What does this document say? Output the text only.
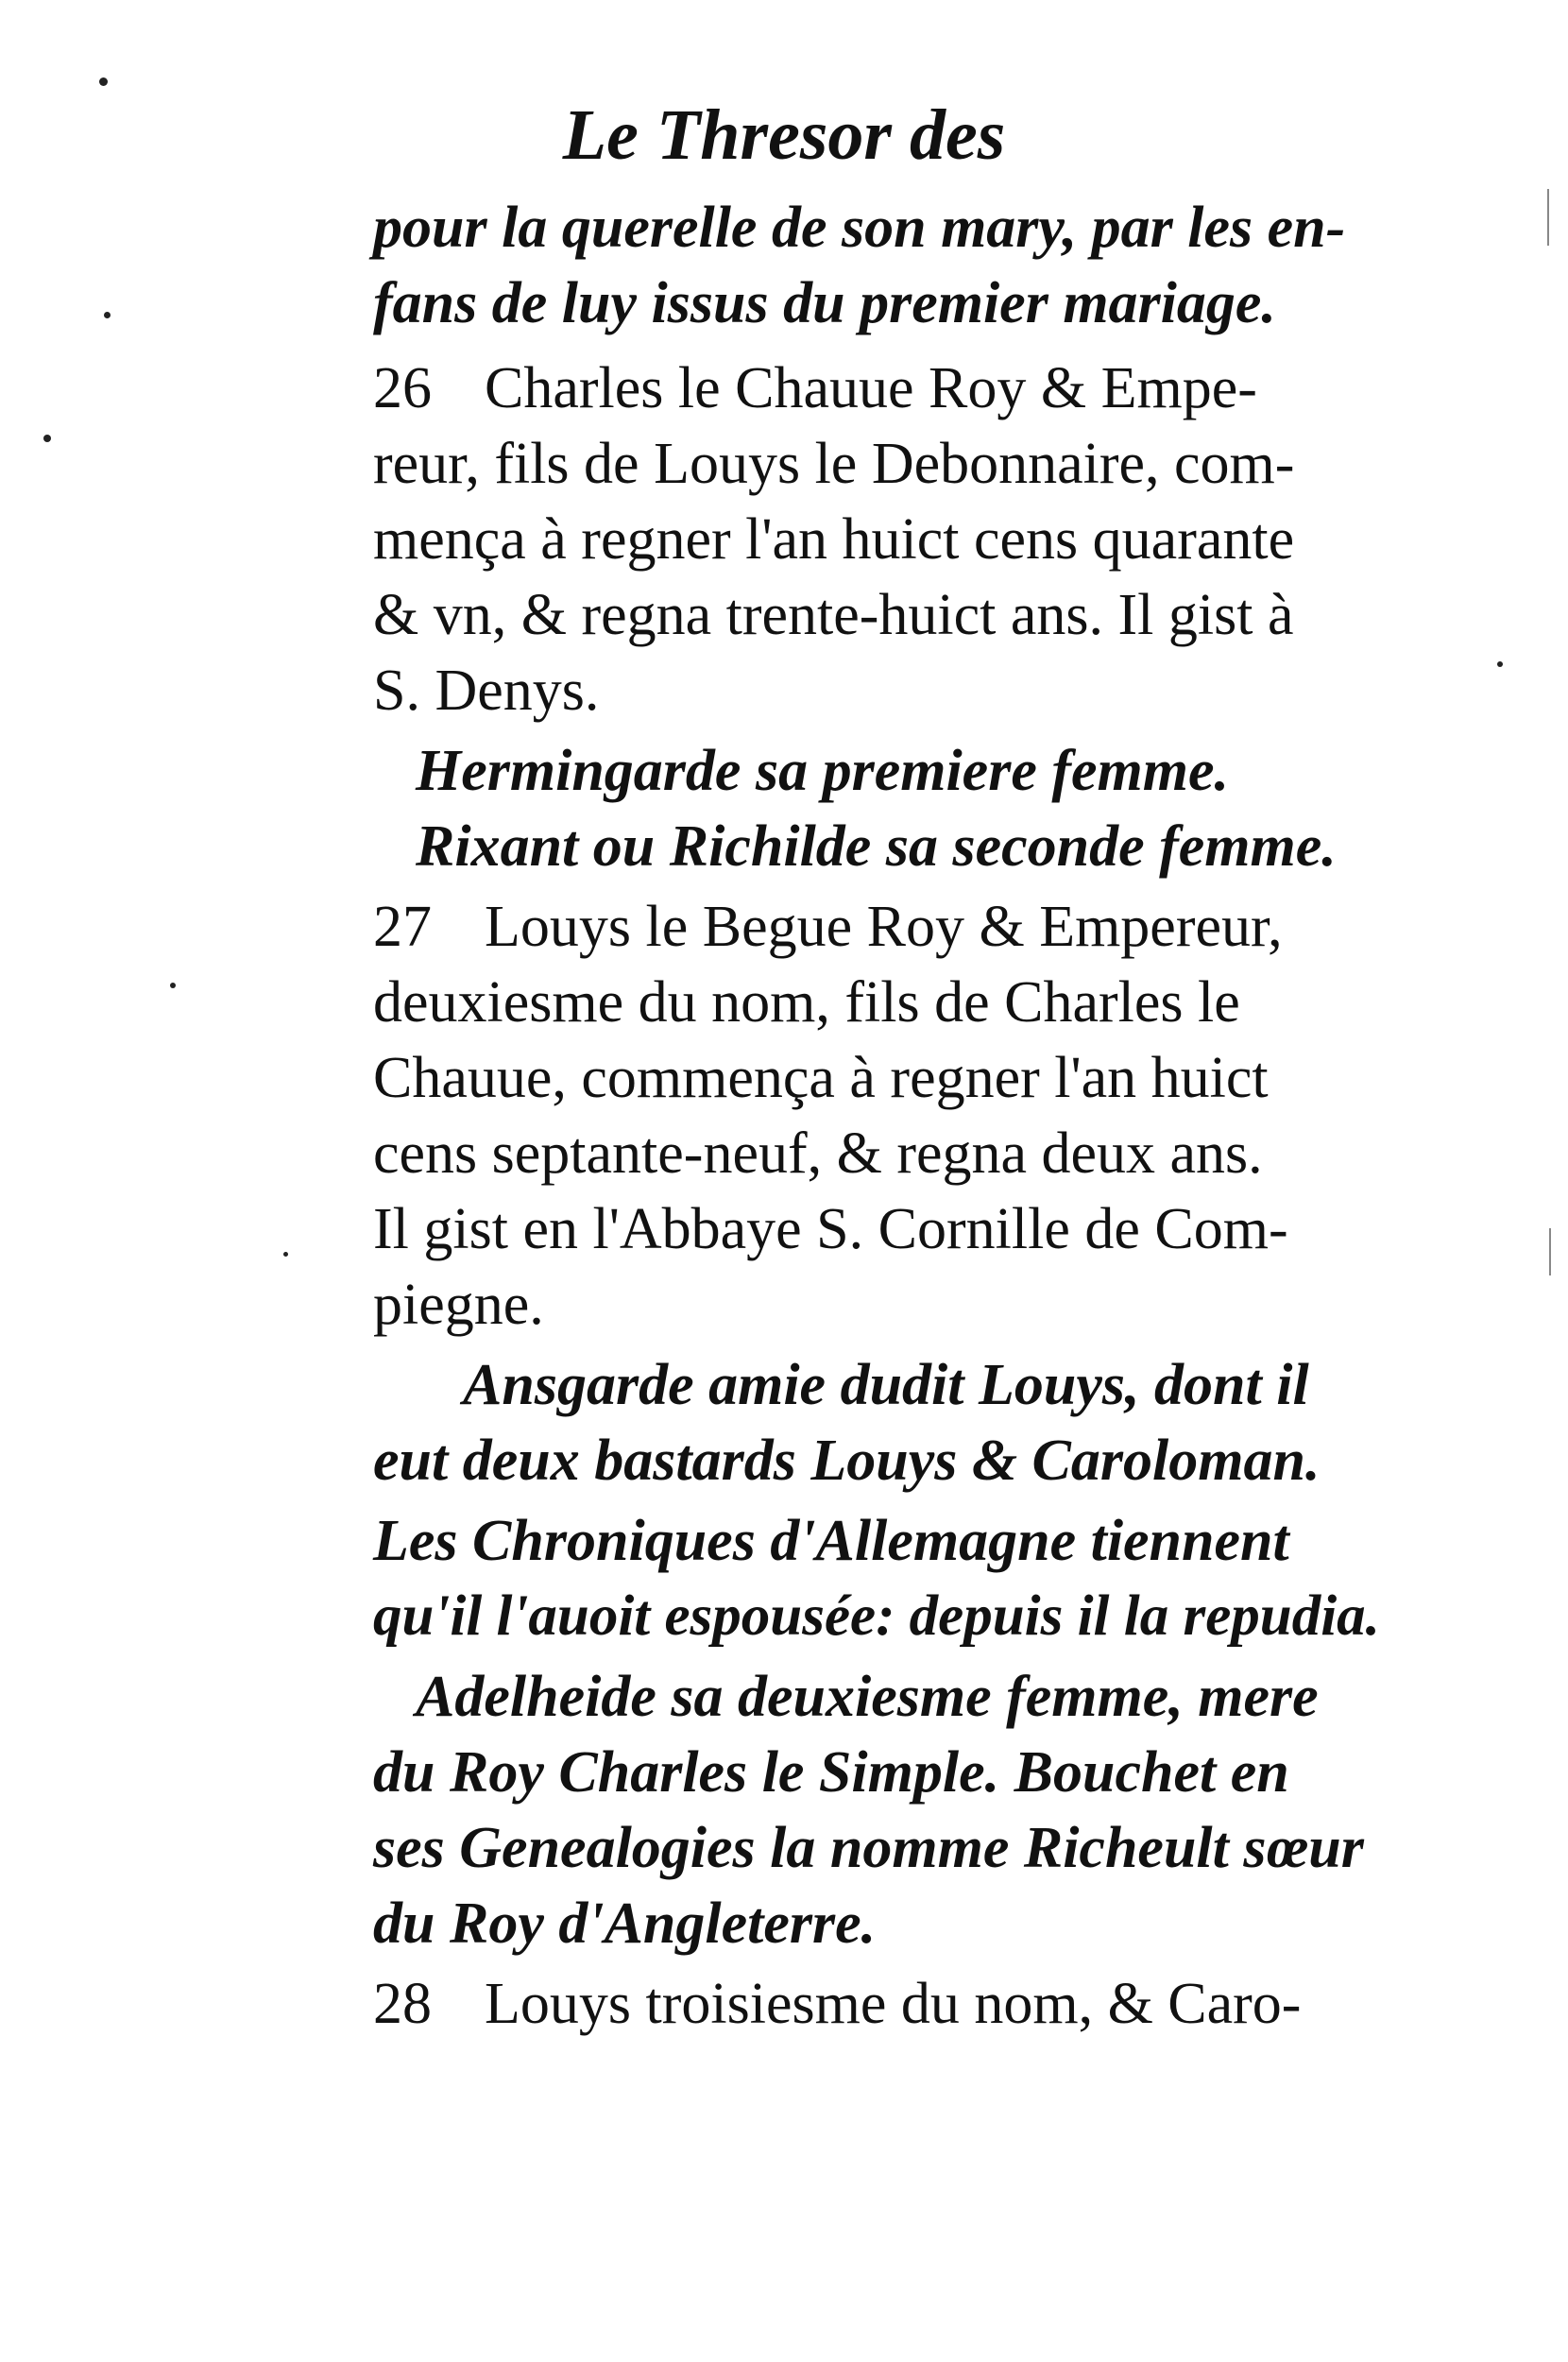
Le Thresor des
pour la querelle de son mary, par les en-
fans de luy issus du premier mariage.
26 Charles le Chauue Roy & Empe-
reur, fils de Louys le Debonnaire, com-
mença à regner l'an huict cens quarante
& vn, & regna trente-huict ans. Il gist à
S. Denys.
Hermingarde sa premiere femme.
Rixant ou Richilde sa seconde femme.
27 Louys le Begue Roy & Empereur,
deuxiesme du nom, fils de Charles le
Chauue, commença à regner l'an huict
cens septante-neuf, & regna deux ans.
Il gist en l'Abbaye S. Cornille de Com-
piegne.
Ansgarde amie dudit Louys, dont il
eut deux bastards Louys & Caroloman.
Les Chroniques d'Allemagne tiennent
qu'il l'auoit espousée: depuis il la repudia.
Adelheide sa deuxiesme femme, mere
du Roy Charles le Simple. Bouchet en
ses Genealogies la nomme Richeult sœur
du Roy d'Angleterre.
28 Louys troisiesme du nom, & Caro-
